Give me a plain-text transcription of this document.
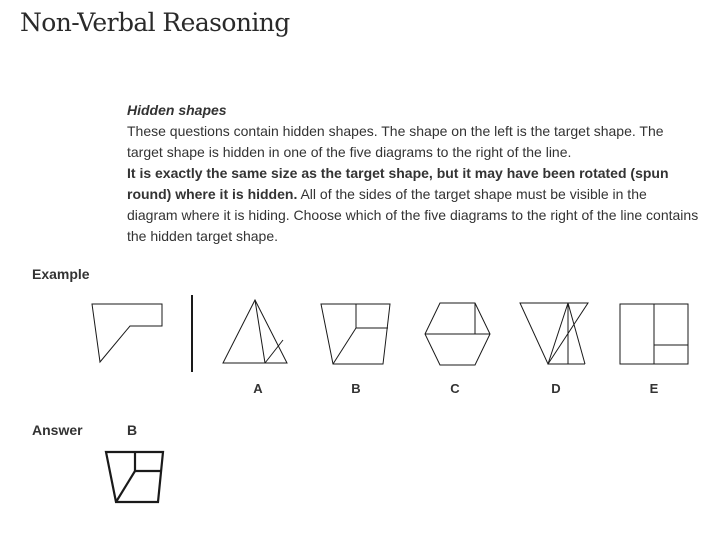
Non-Verbal Reasoning
Hidden shapes

These questions contain hidden shapes. The shape on the left is the target shape. The target shape is hidden in one of the five diagrams to the right of the line.
It is exactly the same size as the target shape, but it may have been rotated (spun round) where it is hidden. All of the sides of the target shape must be visible in the diagram where it is hiding. Choose which of the five diagrams to the right of the line contains the hidden target shape.

Example
A	B	C	D	E
Answer	B
